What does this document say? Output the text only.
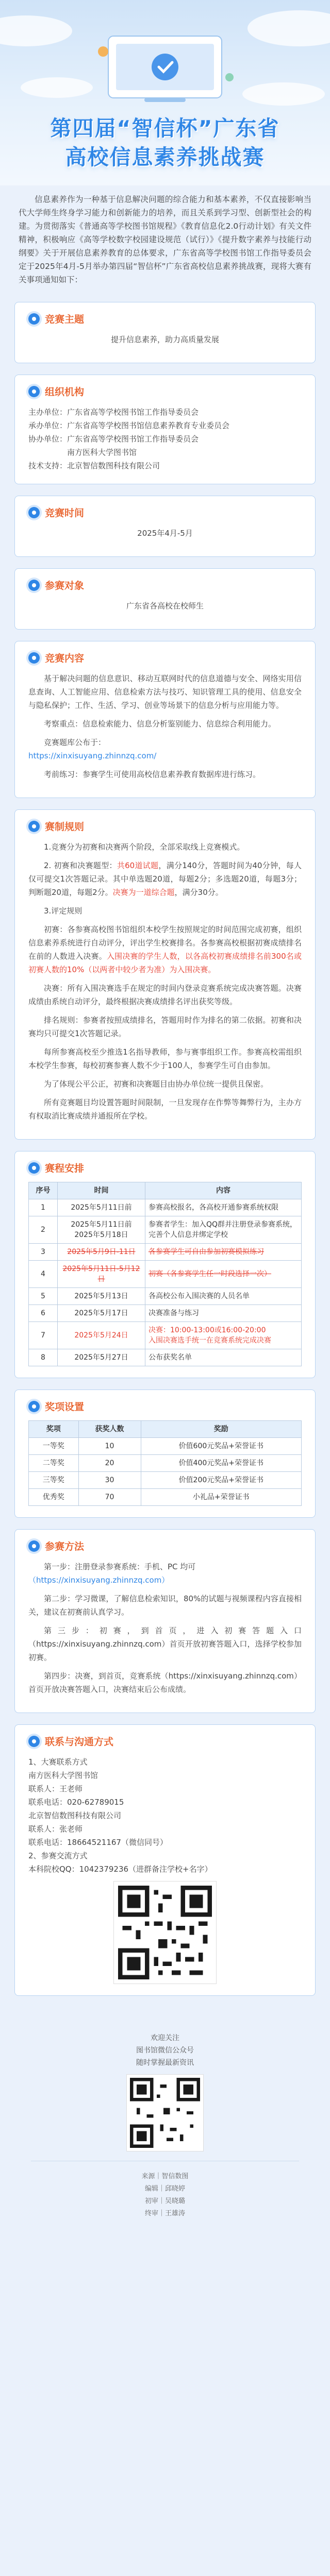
第四届“智信杯”广东省
高校信息素养挑战赛
信息素养作为一种基于信息解决问题的综合能力和基本素养，不仅直接影响当代大学师生终身学习能力和创新能力的培养，而且关系到学习型、创新型社会的构建。为贯彻落实《普通高等学校图书馆规程》《教育信息化2.0行动计划》有关文件精神，积极响应《高等学校数字校园建设规范（试行）》《提升数字素养与技能行动纲要》关于开展信息素养教育的总体要求，广东省高等学校图书馆工作指导委员会定于2025年4月-5月举办第四届“智信杯”广东省高校信息素养挑战赛，现将大赛有关事项通知如下：
竞赛主题
提升信息素养，助力高质量发展
组织机构
主办单位：广东省高等学校图书馆工作指导委员会
承办单位：广东省高等学校图书馆信息素养教育专业委员会
协办单位：广东省高等学校图书馆工作指导委员会
南方医科大学图书馆
技术支持：北京智信数图科技有限公司
竞赛时间
2025年4月-5月
参赛对象
广东省各高校在校师生
竞赛内容
基于解决问题的信息意识、移动互联网时代的信息道德与安全、网络实用信息查询、人工智能应用、信息检索方法与技巧、知识管理工具的使用、信息安全与隐私保护；工作、生活、学习、创业等场景下的信息分析与应用能力等。
考察重点：信息检索能力、信息分析鉴别能力、信息综合利用能力。
竞赛题库公布于：
https://xinxisuyang.zhinnzq.com/
考前练习：参赛学生可使用高校信息素养教育数据库进行练习。
赛制规则
1.竞赛分为初赛和决赛两个阶段，全部采取线上竞赛模式。
2. 初赛和决赛题型：共60道试题，满分140分，答题时间为40分钟，每人仅可提交1次答题记录。其中单选题20道，每题2分；多选题20道，每题3分；判断题20道，每题2分。决赛为一道综合题，满分30分。
3.评定规则
初赛：各参赛高校图书馆组织本校学生按照规定的时间范围完成初赛，组织信息素养系统进行自动评分，评出学生校赛排名。各参赛高校根据初赛成绩排名在前的人数进入决赛。入围决赛的学生人数，以各高校初赛成绩排名前300名或初赛人数的10%（以两者中较少者为准）为入围决赛。
决赛：所有入围决赛选手在规定的时间内登录竞赛系统完成决赛答题。决赛成绩由系统自动评分，最终根据决赛成绩排名评出获奖等级。
排名规则：参赛者按照成绩排名，答题用时作为排名的第二依据。初赛和决赛均只可提交1次答题记录。
每所参赛高校至少推选1名指导教师，参与赛事组织工作。参赛高校需组织本校学生参赛，每校初赛参赛人数不少于100人，参赛学生可自由参加。
为了体现公平公正，初赛和决赛题目由协办单位统一提供且保密。
所有竞赛题目均设置答题时间限制，一旦发现存在作弊等舞弊行为，主办方有权取消比赛成绩并通报所在学校。
赛程安排
序号	时间	内容
1	2025年5月11日前	参赛高校报名，各高校开通参赛系统权限
2	2025年5月11日前
2025年5月18日	参赛者学生：加入QQ群并注册登录参赛系统，完善个人信息并绑定学校
3	2025年5月9日-11日	各参赛学生可自由参加初赛模拟练习
4	2025年5月11日-5月12日	初赛（各参赛学生任一时段选择一次）
5	2025年5月13日	各高校公布入围决赛的人员名单
6	2025年5月17日	决赛准备与练习
7	2025年5月24日	决赛：10:00-13:00或16:00-20:00
入围决赛选手统一在竞赛系统完成决赛
8	2025年5月27日	公布获奖名单
奖项设置
奖项	获奖人数	奖励
一等奖	10	价值600元奖品+荣誉证书
二等奖	20	价值400元奖品+荣誉证书
三等奖	30	价值200元奖品+荣誉证书
优秀奖	70	小礼品+荣誉证书
参赛方法
第一步：注册登录参赛系统：手机、PC 均可
（https://xinxisuyang.zhinnzq.com）
第二步：学习微课，了解信息检索知识，80%的试题与视频课程内容直接相关，建议在初赛前认真学习。
第三步：初赛，到首页，进入初赛答题入口（https://xinxisuyang.zhinnzq.com）首页开放初赛答题入口，选择学校参加初赛。
第四步：决赛，到首页，竞赛系统（https://xinxisuyang.zhinnzq.com）首页开放决赛答题入口，决赛结束后公布成绩。
联系与沟通方式
1、大赛联系方式
南方医科大学图书馆
联系人：王老师
联系电话：020-62789015
北京智信数图科技有限公司
联系人：张老师
联系电话：18664521167（微信同号）
2、参赛交流方式
本科院校QQ：1042379236（进群备注学校+名字）
欢迎关注
图书馆微信公众号
随时掌握最新资讯
来源｜智信数图
编辑｜邱晓婷
初审｜吴晓璐
终审｜王雄涛
